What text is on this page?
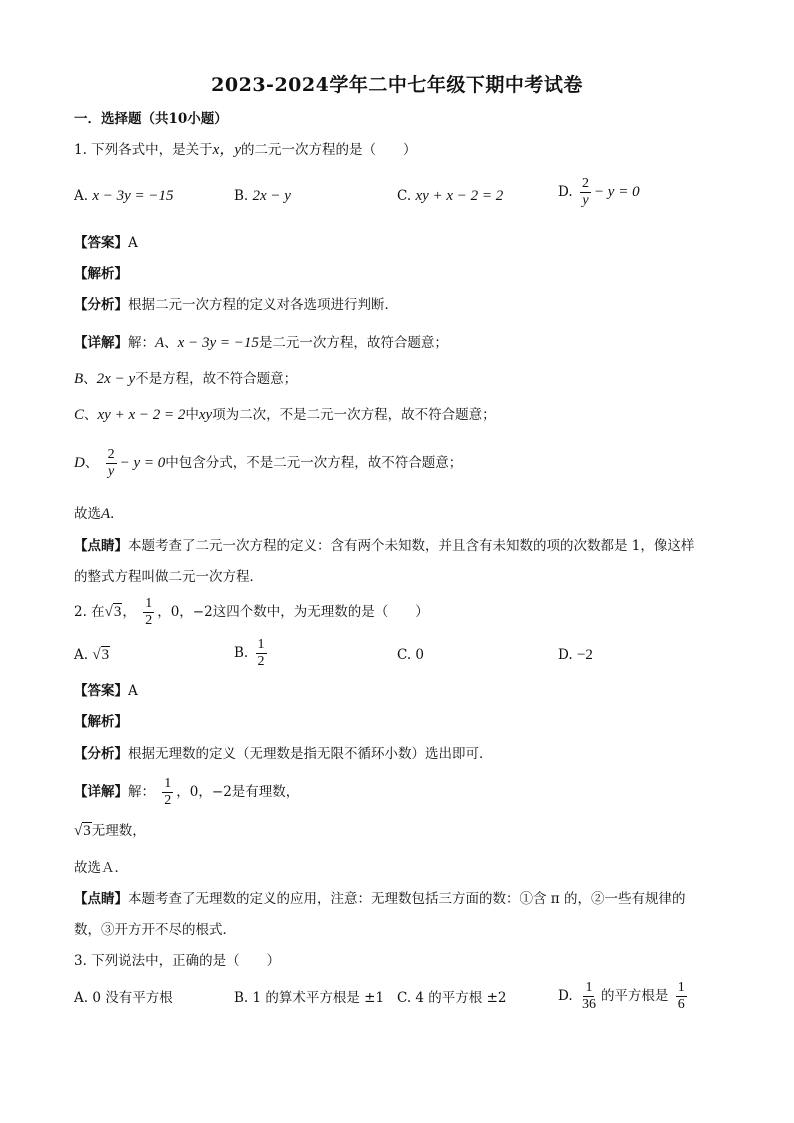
2023-2024学年二中七年级下期中考试卷
一．选择题（共10小题）
1. 下列各式中，是关于x，y的二元一次方程的是（　　）
A. x − 3y = −15	B. 2x − y	C. xy + x − 2 = 2	D. $\frac{2}{y} - y = 0$
【答案】A
【解析】
【分析】根据二元一次方程的定义对各选项进行判断．
【详解】解：A、x − 3y = −15是二元一次方程，故符合题意；
B、2x − y不是方程，故不符合题意；
C、xy + x − 2 = 2中xy项为二次，不是二元一次方程，故不符合题意；
D、 $\frac{2}{y} - y = 0$中包含分式，不是二元一次方程，故不符合题意；
故选A．
【点睛】本题考查了二元一次方程的定义：含有两个未知数，并且含有未知数的项的次数都是 1，像这样
的整式方程叫做二元一次方程．
2. 在√3， $\frac{1}{2}$ ，0，−2这四个数中，为无理数的是（　　）
A. √3	B. $\frac{1}{2}$	C. 0	D. −2
【答案】A
【解析】
【分析】根据无理数的定义（无理数是指无限不循环小数）选出即可．
【详解】解： $\frac{1}{2}$ ，0，−2是有理数，
√3无理数，
故选Ａ．
【点睛】本题考查了无理数的定义的应用，注意：无理数包括三方面的数：①含 π 的，②一些有规律的
数，③开方开不尽的根式．
3. 下列说法中，正确的是（　　）
A. 0 没有平方根	B. 1 的算术平方根是 ±1 C. 4 的平方根 ±2	D. $\frac{1}{36}$ 的平方根是 $\frac{1}{6}$
